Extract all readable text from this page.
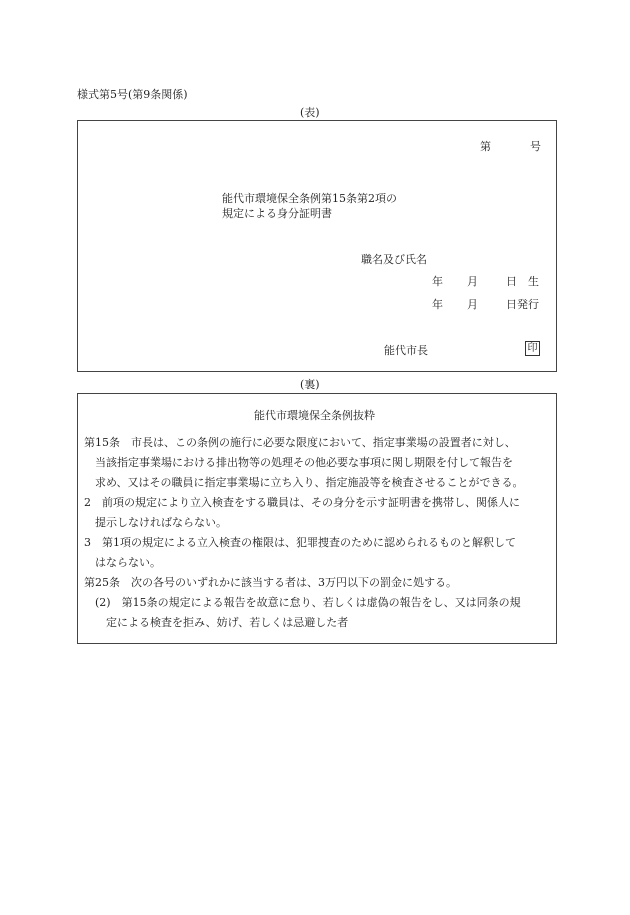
様式第5号(第9条関係)
(表)
第	号
能代市環境保全条例第15条第2項の
規定による身分証明書
職名及び氏名
年 月	日 生
年 月	日発行
能代市長	印
(裏)
能代市環境保全条例抜粋
第15条　市長は、この条例の施行に必要な限度において、指定事業場の設置者に対し、
　当該指定事業場における排出物等の処理その他必要な事項に関し期限を付して報告を
　求め、又はその職員に指定事業場に立ち入り、指定施設等を検査させることができる。
2　前項の規定により立入検査をする職員は、その身分を示す証明書を携帯し、関係人に
　提示しなければならない。
3　第1項の規定による立入検査の権限は、犯罪捜査のために認められるものと解釈して
　はならない。
第25条　次の各号のいずれかに該当する者は、3万円以下の罰金に処する。
　(2)　第15条の規定による報告を故意に怠り、若しくは虚偽の報告をし、又は同条の規
　　定による検査を拒み、妨げ、若しくは忌避した者
